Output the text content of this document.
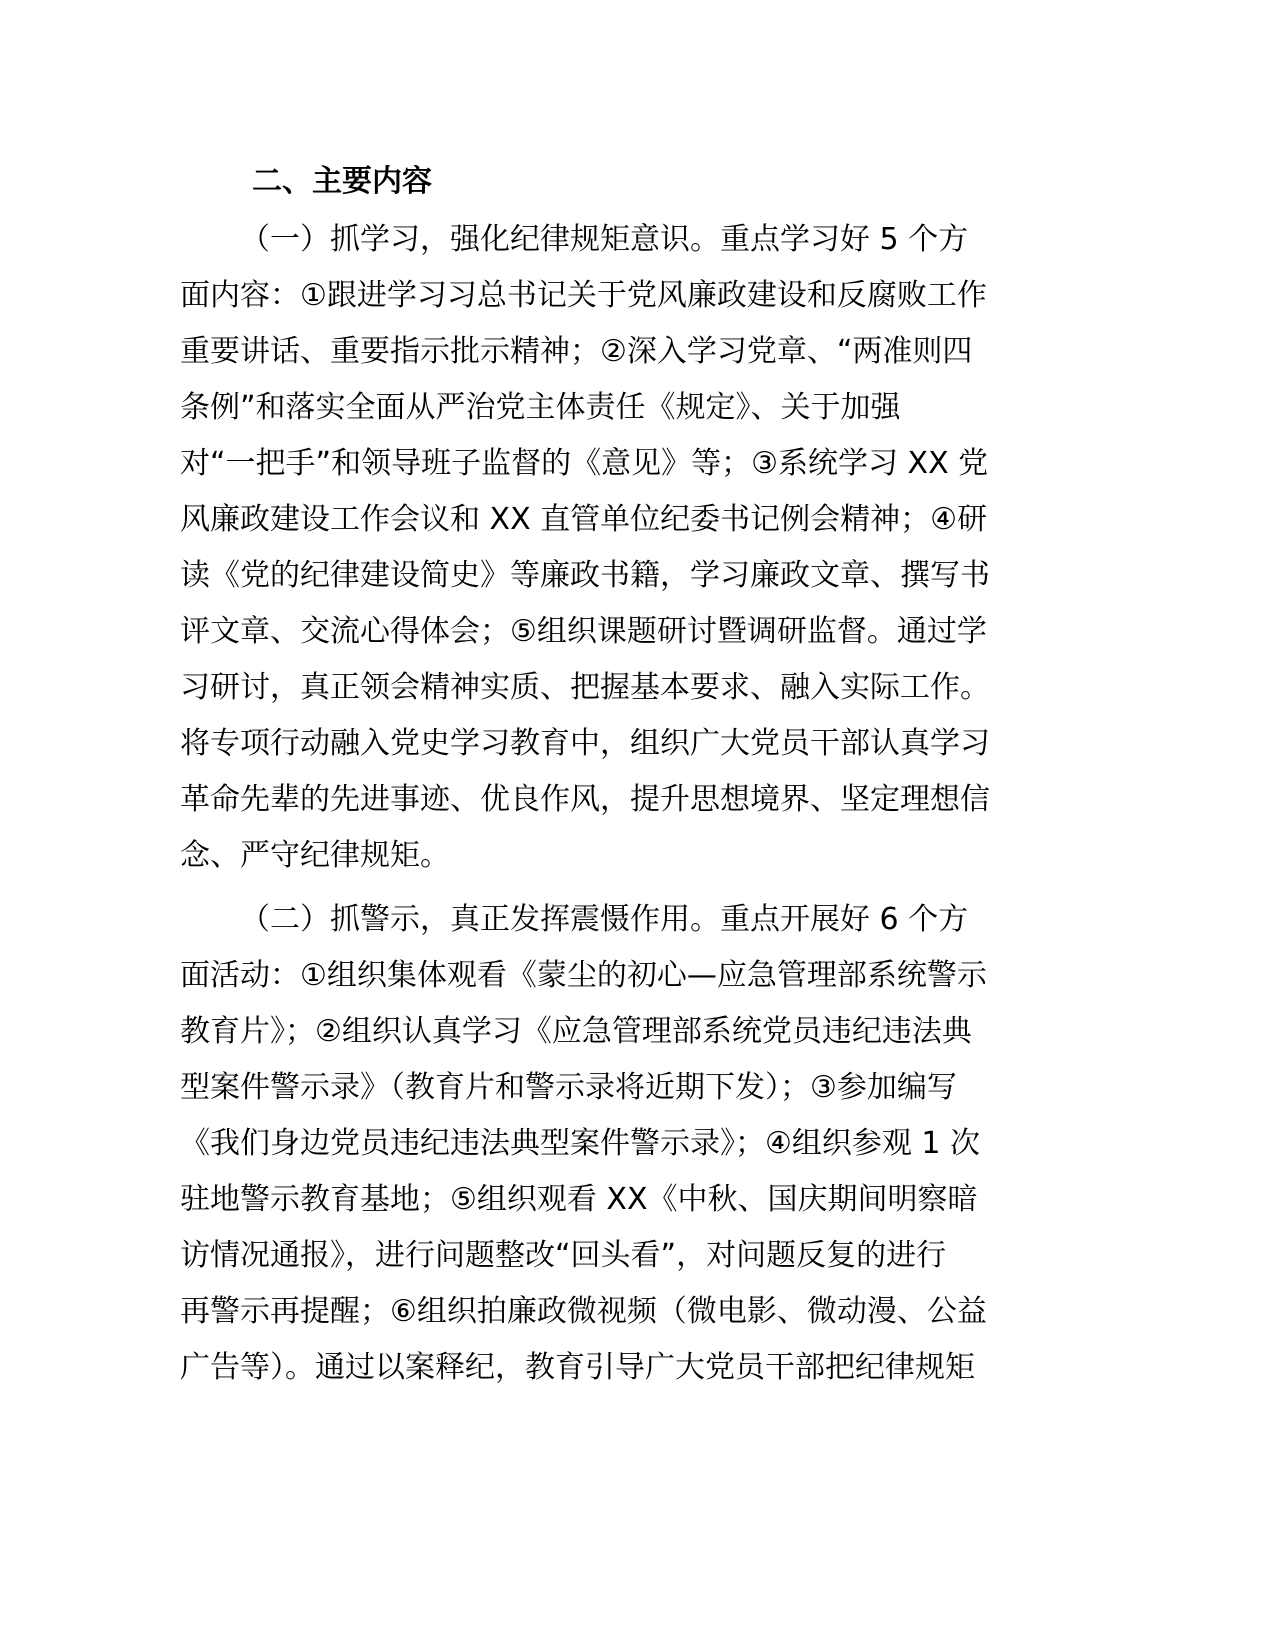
二、主要内容

（一）抓学习，强化纪律规矩意识。重点学习好 5 个方

面内容：①跟进学习习总书记关于党风廉政建设和反腐败工作

重要讲话、重要指示批示精神；②深入学习党章、“两准则四

条例”和落实全面从严治党主体责任《规定》、关于加强

对“一把手”和领导班子监督的《意见》等；③系统学习 XX 党

风廉政建设工作会议和 XX 直管单位纪委书记例会精神；④研

读《党的纪律建设简史》等廉政书籍，学习廉政文章、撰写书

评文章、交流心得体会；⑤组织课题研讨暨调研监督。通过学

习研讨，真正领会精神实质、把握基本要求、融入实际工作。

将专项行动融入党史学习教育中，组织广大党员干部认真学习

革命先辈的先进事迹、优良作风，提升思想境界、坚定理想信

念、严守纪律规矩。

（二）抓警示，真正发挥震慑作用。重点开展好 6 个方

面活动：①组织集体观看《蒙尘的初心—应急管理部系统警示

教育片》；②组织认真学习《应急管理部系统党员违纪违法典

型案件警示录》（教育片和警示录将近期下发）；③参加编写

《我们身边党员违纪违法典型案件警示录》；④组织参观 1 次

驻地警示教育基地；⑤组织观看 XX《中秋、国庆期间明察暗

访情况通报》，进行问题整改“回头看”，对问题反复的进行

再警示再提醒；⑥组织拍廉政微视频（微电影、微动漫、公益

广告等）。通过以案释纪，教育引导广大党员干部把纪律规矩
